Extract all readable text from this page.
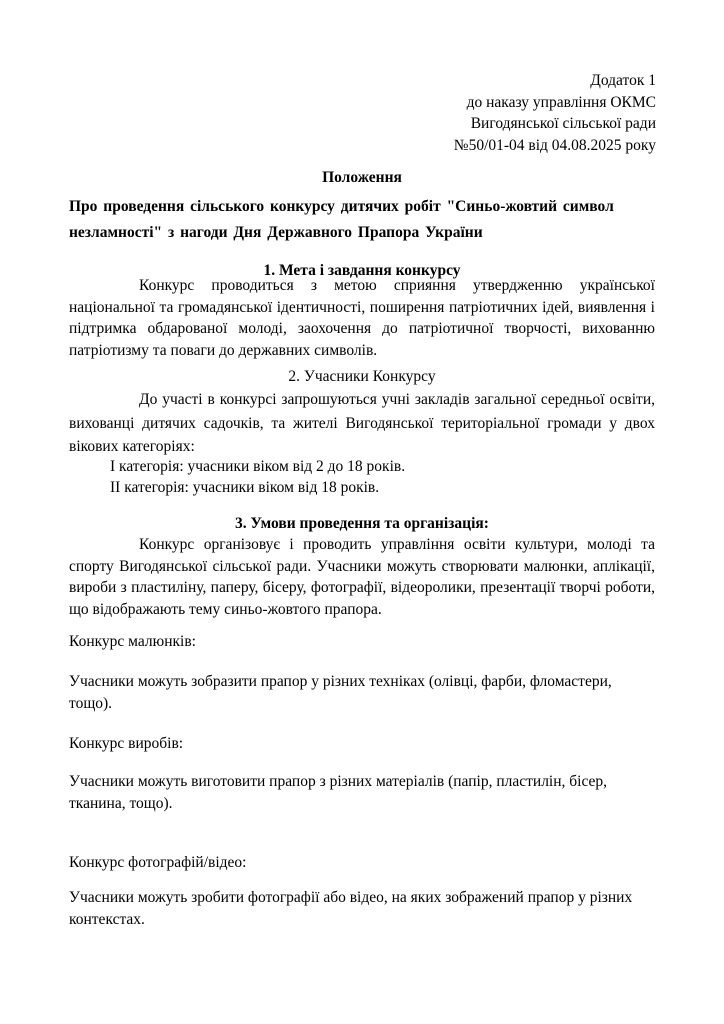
Додаток 1
до наказу управління ОКМС
Вигодянської сільської ради
№50/01-04 від 04.08.2025 року
Положення
Про проведення сільського конкурсу дитячих робіт "Синьо-жовтий символ незламності" з нагоди Дня Державного Прапора України
1. Мета і завдання конкурсу
Конкурс проводиться з метою сприяння утвердженню української національної та громадянської ідентичності, поширення патріотичних ідей, виявлення і підтримка обдарованої молоді, заохочення до патріотичної творчості, вихованню патріотизму та поваги до державних символів.
2. Учасники Конкурсу
До участі в конкурсі запрошуються учні закладів загальної середньої освіти, вихованці дитячих садочків, та жителі Вигодянської територіальної громади у двох вікових категоріях:
І категорія: учасники віком від 2 до 18 років.
ІІ категорія: учасники віком від 18 років.
3. Умови проведення та організація:
Конкурс організовує і проводить управління освіти культури, молоді та спорту Вигодянської сільської ради. Учасники можуть створювати малюнки, аплікації, вироби з пластиліну, паперу, бісеру, фотографії, відеоролики, презентації творчі роботи, що відображають тему синьо-жовтого прапора.
Конкурс малюнків:
Учасники можуть зобразити прапор у різних техніках (олівці, фарби, фломастери, тощо).
Конкурс виробів:
Учасники можуть виготовити прапор з різних матеріалів (папір, пластилін, бісер, тканина, тощо).
Конкурс фотографій/відео:
Учасники можуть зробити фотографії або відео, на яких зображений прапор у різних контекстах.
